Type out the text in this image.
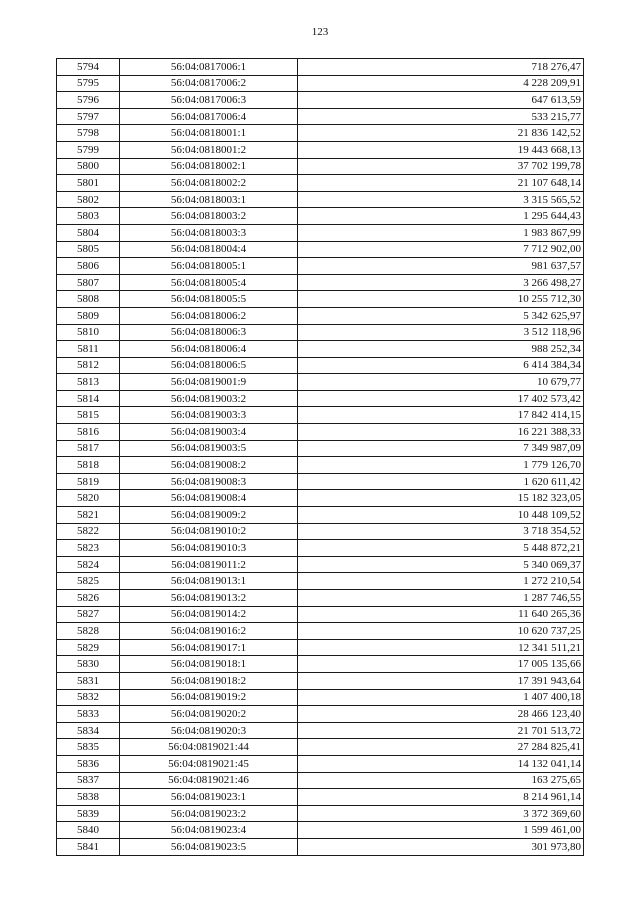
123
5794	56:04:0817006:1	718 276,47
5795	56:04:0817006:2	4 228 209,91
5796	56:04:0817006:3	647 613,59
5797	56:04:0817006:4	533 215,77
5798	56:04:0818001:1	21 836 142,52
5799	56:04:0818001:2	19 443 668,13
5800	56:04:0818002:1	37 702 199,78
5801	56:04:0818002:2	21 107 648,14
5802	56:04:0818003:1	3 315 565,52
5803	56:04:0818003:2	1 295 644,43
5804	56:04:0818003:3	1 983 867,99
5805	56:04:0818004:4	7 712 902,00
5806	56:04:0818005:1	981 637,57
5807	56:04:0818005:4	3 266 498,27
5808	56:04:0818005:5	10 255 712,30
5809	56:04:0818006:2	5 342 625,97
5810	56:04:0818006:3	3 512 118,96
5811	56:04:0818006:4	988 252,34
5812	56:04:0818006:5	6 414 384,34
5813	56:04:0819001:9	10 679,77
5814	56:04:0819003:2	17 402 573,42
5815	56:04:0819003:3	17 842 414,15
5816	56:04:0819003:4	16 221 388,33
5817	56:04:0819003:5	7 349 987,09
5818	56:04:0819008:2	1 779 126,70
5819	56:04:0819008:3	1 620 611,42
5820	56:04:0819008:4	15 182 323,05
5821	56:04:0819009:2	10 448 109,52
5822	56:04:0819010:2	3 718 354,52
5823	56:04:0819010:3	5 448 872,21
5824	56:04:0819011:2	5 340 069,37
5825	56:04:0819013:1	1 272 210,54
5826	56:04:0819013:2	1 287 746,55
5827	56:04:0819014:2	11 640 265,36
5828	56:04:0819016:2	10 620 737,25
5829	56:04:0819017:1	12 341 511,21
5830	56:04:0819018:1	17 005 135,66
5831	56:04:0819018:2	17 391 943,64
5832	56:04:0819019:2	1 407 400,18
5833	56:04:0819020:2	28 466 123,40
5834	56:04:0819020:3	21 701 513,72
5835	56:04:0819021:44	27 284 825,41
5836	56:04:0819021:45	14 132 041,14
5837	56:04:0819021:46	163 275,65
5838	56:04:0819023:1	8 214 961,14
5839	56:04:0819023:2	3 372 369,60
5840	56:04:0819023:4	1 599 461,00
5841	56:04:0819023:5	301 973,80
